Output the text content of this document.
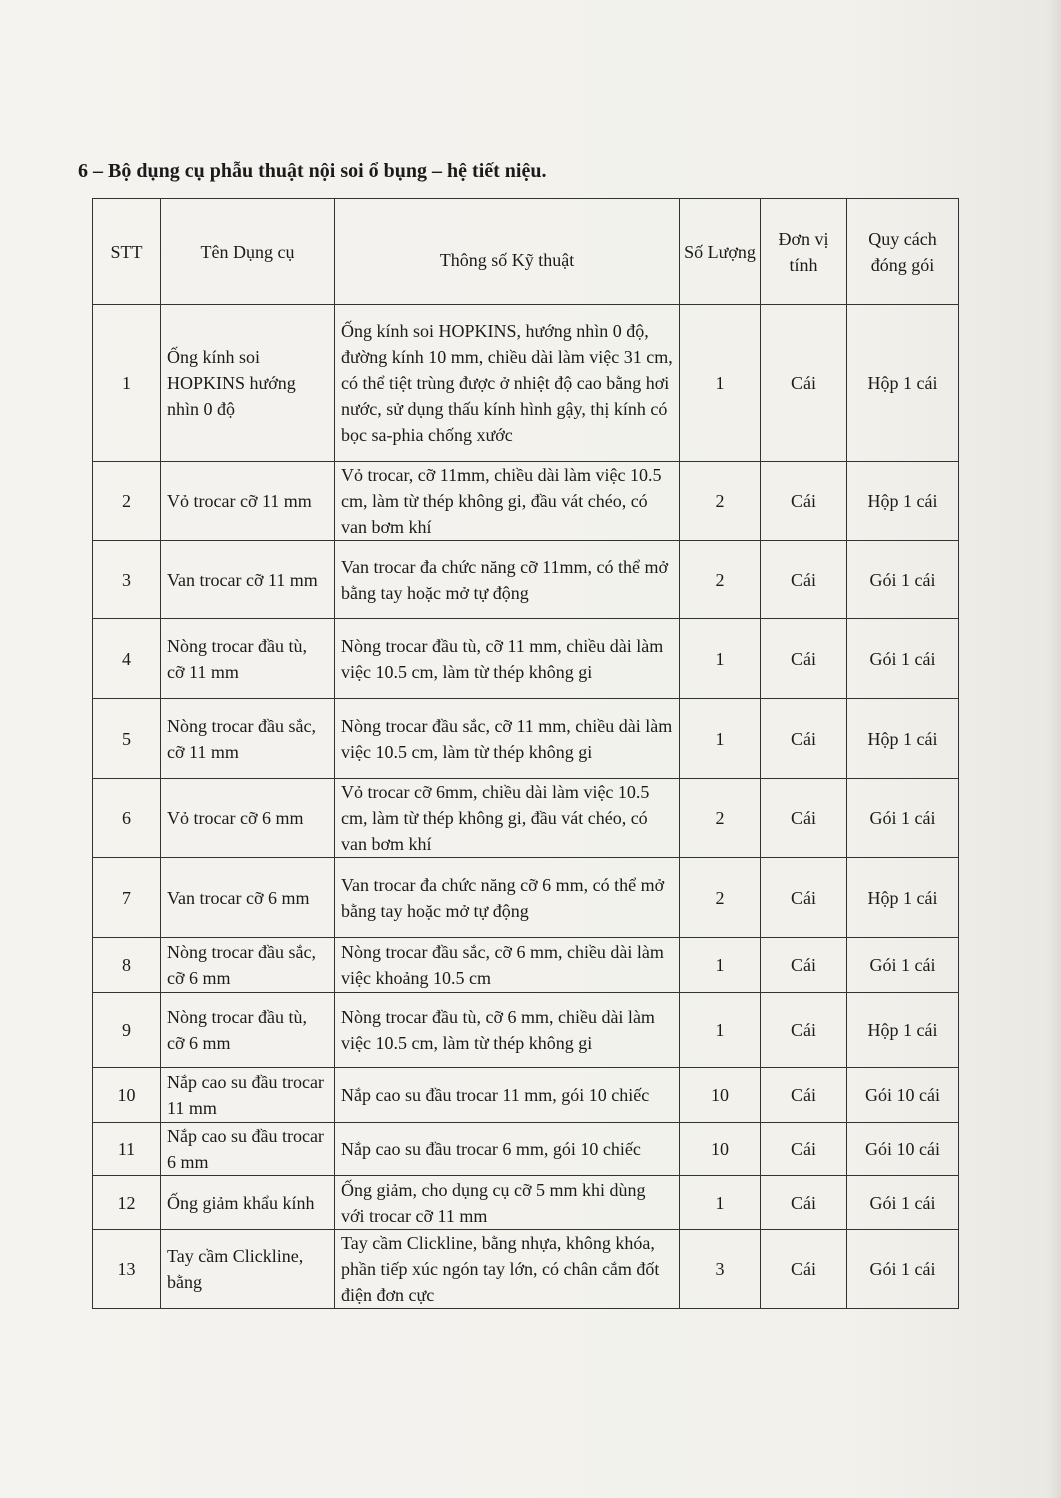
6 – Bộ dụng cụ phẫu thuật nội soi ổ bụng – hệ tiết niệu.
STT	Tên Dụng cụ	Thông số Kỹ thuật	Số Lượng	Đơn vị tính	Quy cách đóng gói
1	Ống kính soi HOPKINS hướng nhìn 0 độ	Ống kính soi HOPKINS, hướng nhìn 0 độ, đường kính 10 mm, chiều dài làm việc 31 cm, có thể tiệt trùng được ở nhiệt độ cao bằng hơi nước, sử dụng thấu kính hình gậy, thị kính có bọc sa-phia chống xước	1	Cái	Hộp 1 cái
2	Vỏ trocar cỡ 11 mm	Vỏ trocar, cỡ 11mm, chiều dài làm việc 10.5 cm, làm từ thép không gi, đầu vát chéo, có van bơm khí	2	Cái	Hộp 1 cái
3	Van trocar cỡ 11 mm	Van trocar đa chức năng cỡ 11mm, có thể mở bằng tay hoặc mở tự động	2	Cái	Gói 1 cái
4	Nòng trocar đầu tù, cỡ 11 mm	Nòng trocar đầu tù, cỡ 11 mm, chiều dài làm việc 10.5 cm, làm từ thép không gi	1	Cái	Gói 1 cái
5	Nòng trocar đầu sắc, cỡ 11 mm	Nòng trocar đầu sắc, cỡ 11 mm, chiều dài làm việc 10.5 cm, làm từ thép không gi	1	Cái	Hộp 1 cái
6	Vỏ trocar cỡ 6 mm	Vỏ trocar cỡ 6mm, chiều dài làm việc 10.5 cm, làm từ thép không gi, đầu vát chéo, có van bơm khí	2	Cái	Gói 1 cái
7	Van trocar cỡ 6 mm	Van trocar đa chức năng cỡ 6 mm, có thể mở bằng tay hoặc mở tự động	2	Cái	Hộp 1 cái
8	Nòng trocar đầu sắc, cỡ 6 mm	Nòng trocar đầu sắc, cỡ 6 mm, chiều dài làm việc khoảng 10.5 cm	1	Cái	Gói 1 cái
9	Nòng trocar đầu tù, cỡ 6 mm	Nòng trocar đầu tù, cỡ 6 mm, chiều dài làm việc 10.5 cm, làm từ thép không gi	1	Cái	Hộp 1 cái
10	Nắp cao su đầu trocar 11 mm	Nắp cao su đầu trocar 11 mm, gói 10 chiếc	10	Cái	Gói 10 cái
11	Nắp cao su đầu trocar 6 mm	Nắp cao su đầu trocar 6 mm, gói 10 chiếc	10	Cái	Gói 10 cái
12	Ống giảm khẩu kính	Ống giảm, cho dụng cụ cỡ 5 mm khi dùng với trocar cỡ 11 mm	1	Cái	Gói 1 cái
13	Tay cầm Clickline, bằng	Tay cầm Clickline, bằng nhựa, không khóa, phần tiếp xúc ngón tay lớn, có chân cắm đốt điện đơn cực	3	Cái	Gói 1 cái
